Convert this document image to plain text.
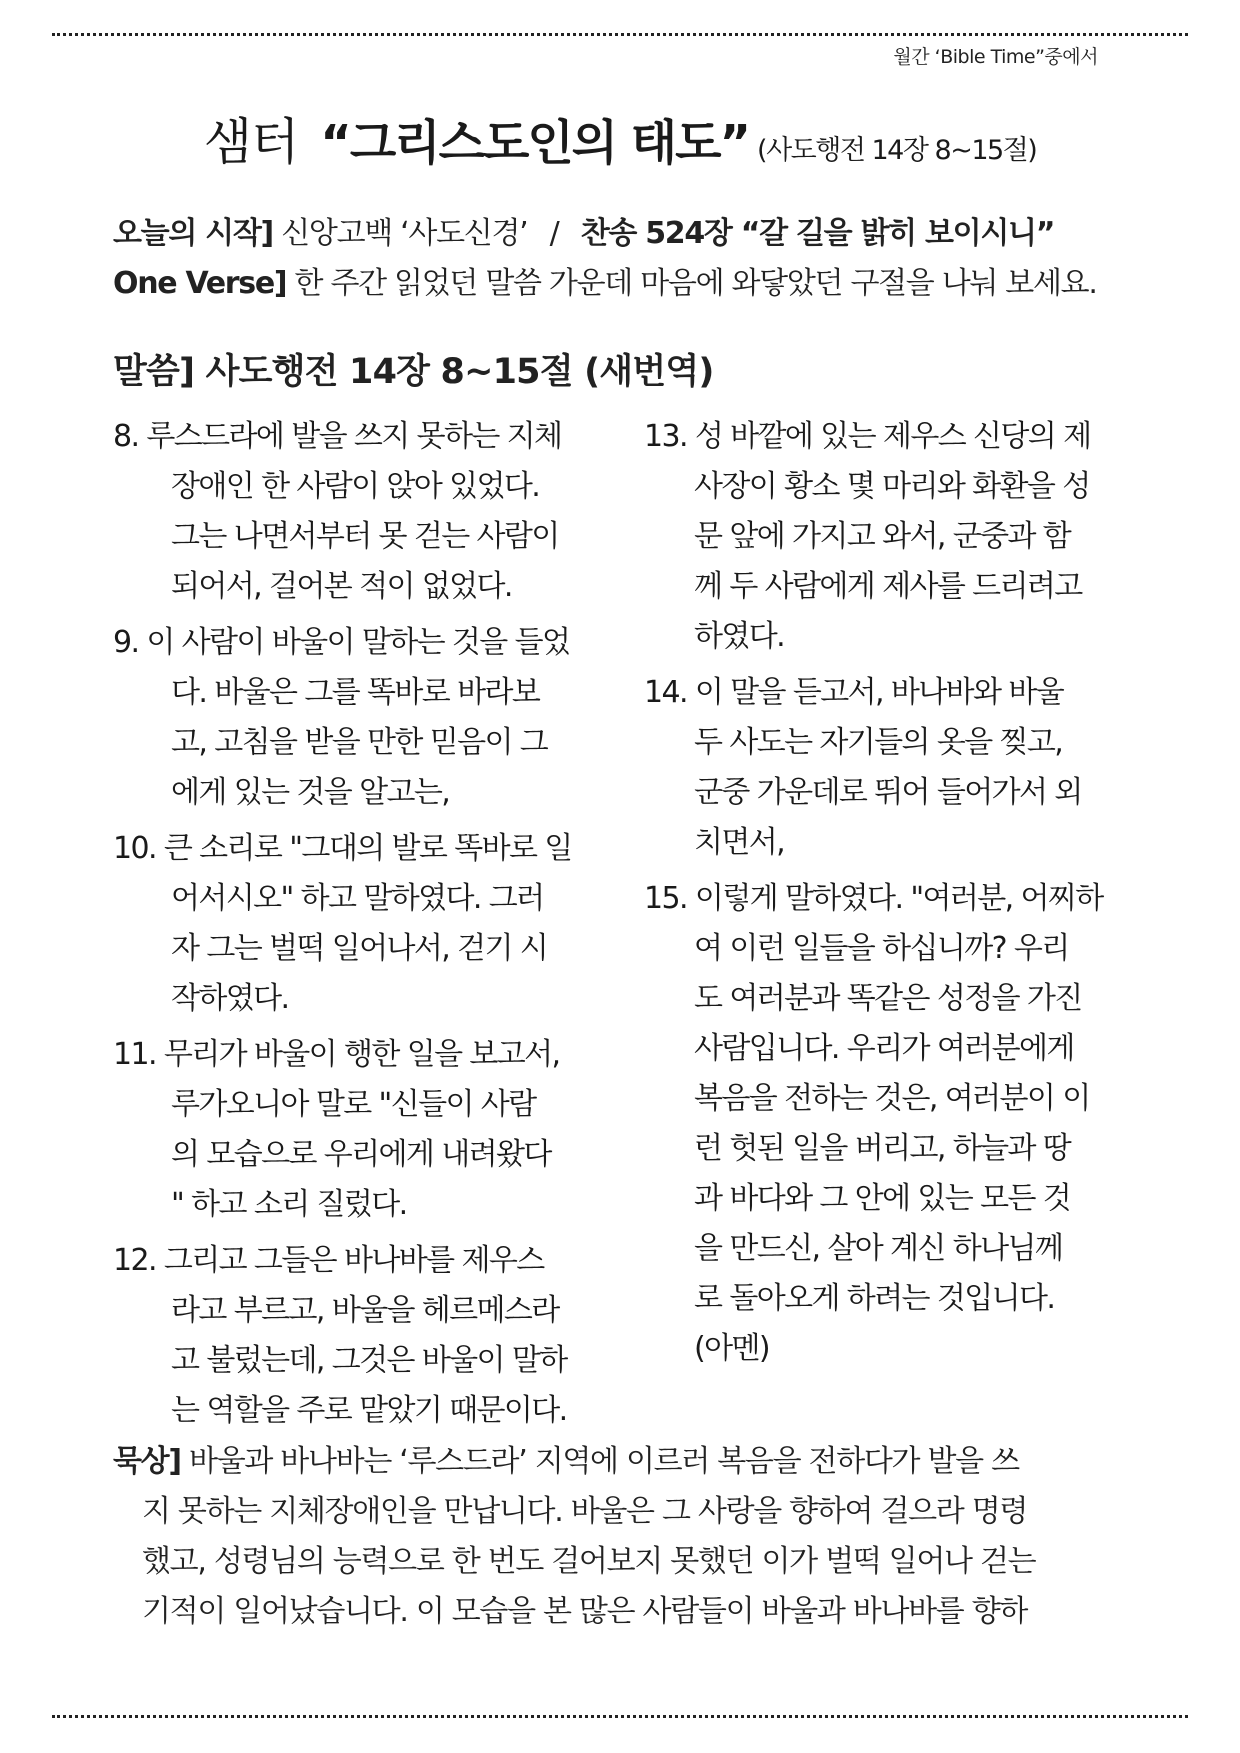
월간 ‘Bible Time”중에서
샘터 “그리스도인의 태도” (사도행전 14장 8~15절)
오늘의 시작] 신앙고백 ‘사도신경’ / 찬송 524장 “갈 길을 밝히 보이시니”
One Verse] 한 주간 읽었던 말씀 가운데 마음에 와닿았던 구절을 나눠 보세요.
말씀] 사도행전 14장 8~15절 (새번역)
8. 루스드라에 발을 쓰지 못하는 지체
장애인 한 사람이 앉아 있었다.
그는 나면서부터 못 걷는 사람이
되어서, 걸어본 적이 없었다.
9. 이 사람이 바울이 말하는 것을 들었
다. 바울은 그를 똑바로 바라보
고, 고침을 받을 만한 믿음이 그
에게 있는 것을 알고는,
10. 큰 소리로 "그대의 발로 똑바로 일
어서시오" 하고 말하였다. 그러
자 그는 벌떡 일어나서, 걷기 시
작하였다.
11. 무리가 바울이 행한 일을 보고서,
루가오니아 말로 "신들이 사람
의 모습으로 우리에게 내려왔다
" 하고 소리 질렀다.
12. 그리고 그들은 바나바를 제우스
라고 부르고, 바울을 헤르메스라
고 불렀는데, 그것은 바울이 말하
는 역할을 주로 맡았기 때문이다.
13. 성 바깥에 있는 제우스 신당의 제
사장이 황소 몇 마리와 화환을 성
문 앞에 가지고 와서, 군중과 함
께 두 사람에게 제사를 드리려고
하였다.
14. 이 말을 듣고서, 바나바와 바울
두 사도는 자기들의 옷을 찢고,
군중 가운데로 뛰어 들어가서 외
치면서,
15. 이렇게 말하였다. "여러분, 어찌하
여 이런 일들을 하십니까? 우리
도 여러분과 똑같은 성정을 가진
사람입니다. 우리가 여러분에게
복음을 전하는 것은, 여러분이 이
런 헛된 일을 버리고, 하늘과 땅
과 바다와 그 안에 있는 모든 것
을 만드신, 살아 계신 하나님께
로 돌아오게 하려는 것입니다.
(아멘)
묵상] 바울과 바나바는 ‘루스드라’ 지역에 이르러 복음을 전하다가 발을 쓰
지 못하는 지체장애인을 만납니다. 바울은 그 사랑을 향하여 걸으라 명령
했고, 성령님의 능력으로 한 번도 걸어보지 못했던 이가 벌떡 일어나 걷는
기적이 일어났습니다. 이 모습을 본 많은 사람들이 바울과 바나바를 향하
